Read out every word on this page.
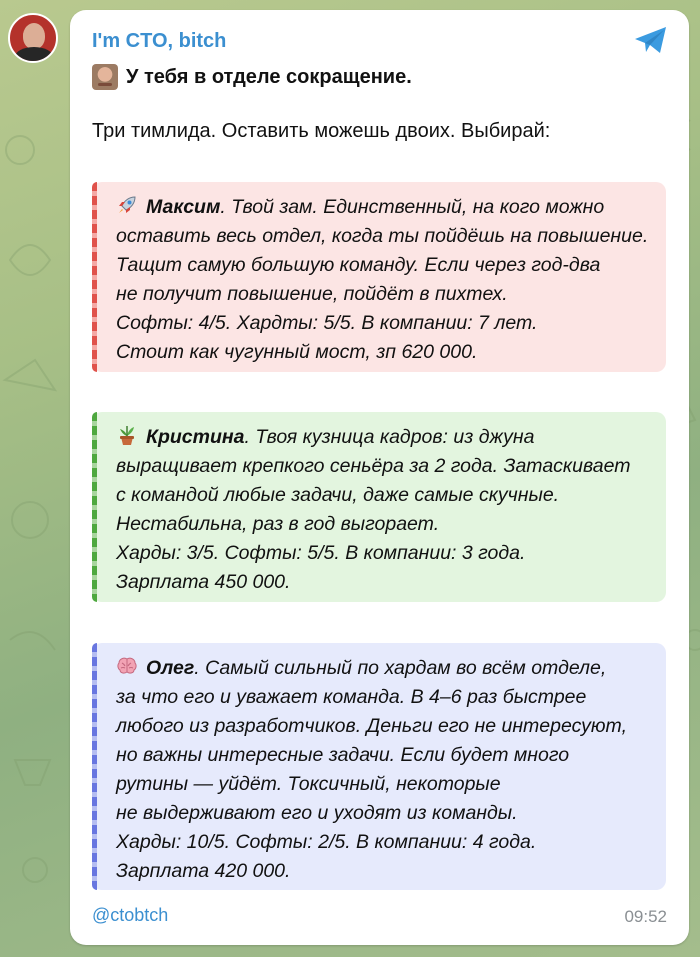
I'm CTO, bitch
У тебя в отделе сокращение.
Три тимлида. Оставить можешь двоих. Выбирай:
Максим. Твой зам. Единственный, на кого можно
оставить весь отдел, когда ты пойдёшь на повышение.
Тащит самую большую команду. Если через год-два
не получит повышение, пойдёт в пихтех.
Софты: 4/5. Хардты: 5/5. В компании: 7 лет.
Стоит как чугунный мост, зп 620 000.
Кристина. Твоя кузница кадров: из джуна
выращивает крепкого сеньёра за 2 года. Затаскивает
с командой любые задачи, даже самые скучные.
Нестабильна, раз в год выгорает.
Харды: 3/5. Софты: 5/5. В компании: 3 года.
Зарплата 450 000.
Олег. Самый сильный по хардам во всём отделе,
за что его и уважает команда. В 4–6 раз быстрее
любого из разработчиков. Деньги его не интересуют,
но важны интересные задачи. Если будет много
рутины — уйдёт. Токсичный, некоторые
не выдерживают его и уходят из команды.
Харды: 10/5. Софты: 2/5. В компании: 4 года.
Зарплата 420 000.
@ctobtch	09:52
